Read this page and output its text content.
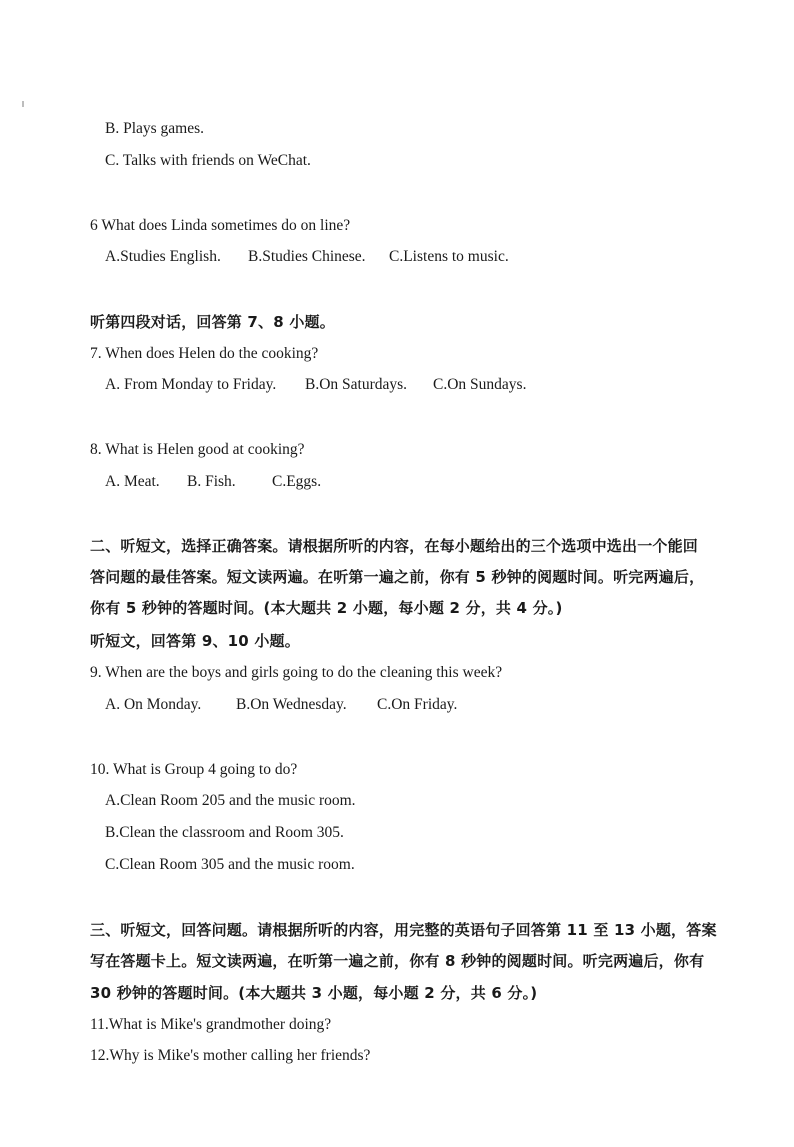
B. Plays games.
C. Talks with friends on WeChat.
6 What does Linda sometimes do on line?
A.Studies English. B.Studies Chinese. C.Listens to music.
听第四段对话，回答第 7、8 小题。
7. When does Helen do the cooking?
A. From Monday to Friday. B.On Saturdays. C.On Sundays.
8. What is Helen good at cooking?
A. Meat. B. Fish. C.Eggs.
二、听短文，选择正确答案。请根据所听的内容，在每小题给出的三个选项中选出一个能回
答问题的最佳答案。短文读两遍。在听第一遍之前，你有 5 秒钟的阅题时间。听完两遍后，
你有 5 秒钟的答题时间。(本大题共 2 小题，每小题 2 分，共 4 分。)
听短文，回答第 9、10 小题。
9. When are the boys and girls going to do the cleaning this week?
A. On Monday. B.On Wednesday. C.On Friday.
10. What is Group 4 going to do?
A.Clean Room 205 and the music room.
B.Clean the classroom and Room 305.
C.Clean Room 305 and the music room.
三、听短文，回答问题。请根据所听的内容，用完整的英语句子回答第 11 至 13 小题，答案
写在答题卡上。短文读两遍，在听第一遍之前，你有 8 秒钟的阅题时间。听完两遍后，你有
30 秒钟的答题时间。(本大题共 3 小题，每小题 2 分，共 6 分。)
11.What is Mike's grandmother doing?
12.Why is Mike's mother calling her friends?
